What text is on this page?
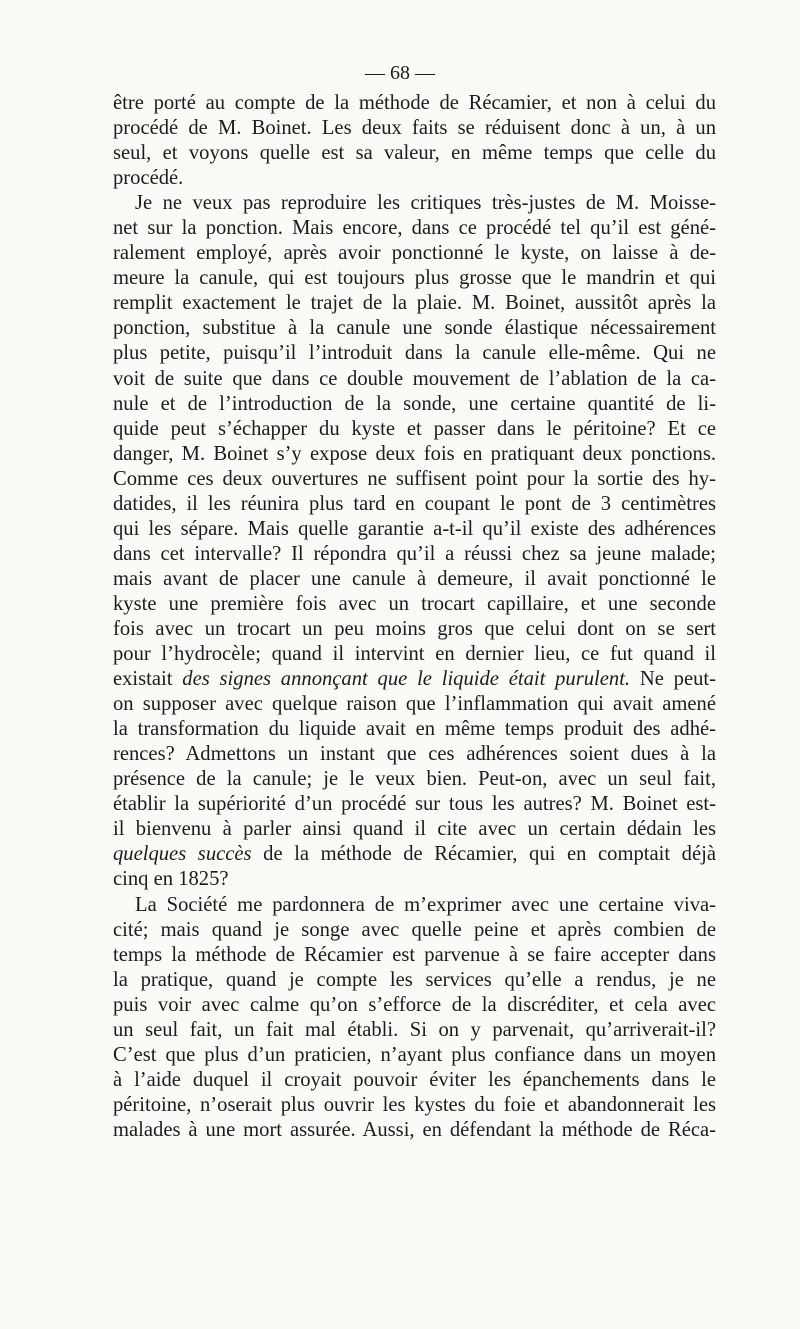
— 68 —
être porté au compte de la méthode de Récamier, et non à celui du
procédé de M. Boinet. Les deux faits se réduisent donc à un, à un
seul, et voyons quelle est sa valeur, en même temps que celle du
procédé.
Je ne veux pas reproduire les critiques très-justes de M. Moisse-
net sur la ponction. Mais encore, dans ce procédé tel qu’il est géné-
ralement employé, après avoir ponctionné le kyste, on laisse à de-
meure la canule, qui est toujours plus grosse que le mandrin et qui
remplit exactement le trajet de la plaie. M. Boinet, aussitôt après la
ponction, substitue à la canule une sonde élastique nécessairement
plus petite, puisqu’il l’introduit dans la canule elle-même. Qui ne
voit de suite que dans ce double mouvement de l’ablation de la ca-
nule et de l’introduction de la sonde, une certaine quantité de li-
quide peut s’échapper du kyste et passer dans le péritoine? Et ce
danger, M. Boinet s’y expose deux fois en pratiquant deux ponctions.
Comme ces deux ouvertures ne suffisent point pour la sortie des hy-
datides, il les réunira plus tard en coupant le pont de 3 centimètres
qui les sépare. Mais quelle garantie a-t-il qu’il existe des adhérences
dans cet intervalle? Il répondra qu’il a réussi chez sa jeune malade;
mais avant de placer une canule à demeure, il avait ponctionné le
kyste une première fois avec un trocart capillaire, et une seconde
fois avec un trocart un peu moins gros que celui dont on se sert
pour l’hydrocèle; quand il intervint en dernier lieu, ce fut quand il
existait des signes annonçant que le liquide était purulent. Ne peut-
on supposer avec quelque raison que l’inflammation qui avait amené
la transformation du liquide avait en même temps produit des adhé-
rences? Admettons un instant que ces adhérences soient dues à la
présence de la canule; je le veux bien. Peut-on, avec un seul fait,
établir la supériorité d’un procédé sur tous les autres? M. Boinet est-
il bienvenu à parler ainsi quand il cite avec un certain dédain les
quelques succès de la méthode de Récamier, qui en comptait déjà
cinq en 1825?
La Société me pardonnera de m’exprimer avec une certaine viva-
cité; mais quand je songe avec quelle peine et après combien de
temps la méthode de Récamier est parvenue à se faire accepter dans
la pratique, quand je compte les services qu’elle a rendus, je ne
puis voir avec calme qu’on s’efforce de la discréditer, et cela avec
un seul fait, un fait mal établi. Si on y parvenait, qu’arriverait-il?
C’est que plus d’un praticien, n’ayant plus confiance dans un moyen
à l’aide duquel il croyait pouvoir éviter les épanchements dans le
péritoine, n’oserait plus ouvrir les kystes du foie et abandonnerait les
malades à une mort assurée. Aussi, en défendant la méthode de Réca-
